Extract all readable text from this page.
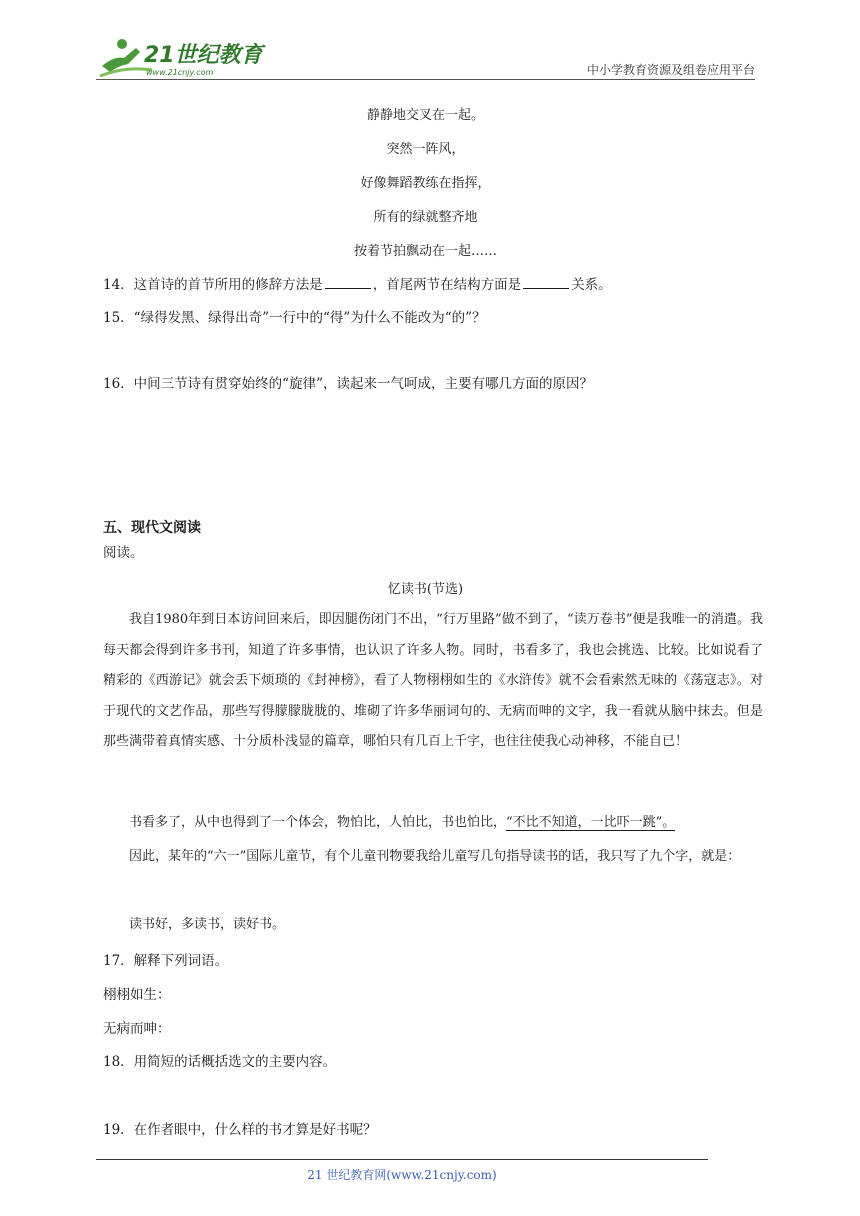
21世纪教育
www.21cnjy.com	中小学教育资源及组卷应用平台
静静地交叉在一起。
突然一阵风，
好像舞蹈教练在指挥，
所有的绿就整齐地
按着节拍飘动在一起……
14．这首诗的首节所用的修辞方法是	，首尾两节在结构方面是	关系。
15．“绿得发黑、绿得出奇”一行中的“得”为什么不能改为“的”？
16．中间三节诗有贯穿始终的“旋律”，读起来一气呵成，主要有哪几方面的原因？
五、现代文阅读
阅读。
忆读书(节选)

我自1980年到日本访问回来后，即因腿伤闭门不出，“行万里路”做不到了，“读万卷书”便是我唯一的消遣。我每天都会得到许多书刊，知道了许多事情，也认识了许多人物。同时，书看多了，我也会挑选、比较。比如说看了精彩的《西游记》就会丢下烦琐的《封神榜》，看了人物栩栩如生的《水浒传》就不会看索然无味的《荡寇志》。对于现代的文艺作品，那些写得朦朦胧胧的、堆砌了许多华丽词句的、无病而呻的文字，我一看就从脑中抹去。但是那些满带着真情实感、十分质朴浅显的篇章，哪怕只有几百上千字，也往往使我心动神移，不能自已！

书看多了，从中也得到了一个体会，物怕比，人怕比，书也怕比，“不比不知道，一比吓一跳”。

因此，某年的“六一”国际儿童节，有个儿童刊物要我给儿童写几句指导读书的话，我只写了九个字，就是：

读书好，多读书，读好书。

17．解释下列词语。
栩栩如生：
无病而呻：
18．用简短的话概括选文的主要内容。
19．在作者眼中，什么样的书才算是好书呢？
21 世纪教育网(www.21cnjy.com)
